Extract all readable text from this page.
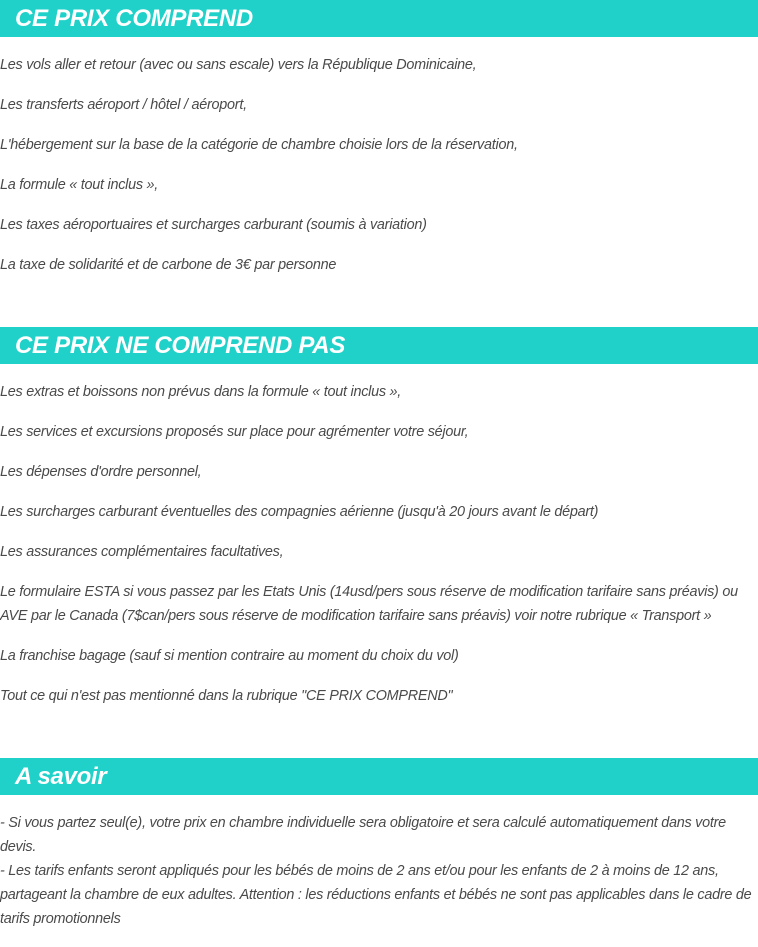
CE PRIX COMPREND
Les vols aller et retour (avec ou sans escale) vers la République Dominicaine,
Les transferts aéroport / hôtel / aéroport,
L'hébergement sur la base de la catégorie de chambre choisie lors de la réservation,
La formule « tout inclus »,
Les taxes aéroportuaires et surcharges carburant (soumis à variation)
La taxe de solidarité et de carbone de 3€ par personne
CE PRIX NE COMPREND PAS
Les extras et boissons non prévus dans la formule « tout inclus »,
Les services et excursions proposés sur place pour agrémenter votre séjour,
Les dépenses d'ordre personnel,
Les surcharges carburant éventuelles des compagnies aérienne (jusqu'à 20 jours avant le départ)
Les assurances complémentaires facultatives,
Le formulaire ESTA si vous passez par les Etats Unis (14usd/pers sous réserve de modification tarifaire sans préavis) ou AVE par le Canada (7$can/pers sous réserve de modification tarifaire sans préavis) voir notre rubrique « Transport »
La franchise bagage (sauf si mention contraire au moment du choix du vol)
Tout ce qui n'est pas mentionné dans la rubrique "CE PRIX COMPREND"
A savoir
- Si vous partez seul(e), votre prix en chambre individuelle sera obligatoire et sera calculé automatiquement dans votre devis.
- Les tarifs enfants seront appliqués pour les bébés de moins de 2 ans et/ou pour les enfants de 2 à moins de 12 ans, partageant la chambre de eux adultes. Attention : les réductions enfants et bébés ne sont pas applicables dans le cadre de tarifs promotionnels
